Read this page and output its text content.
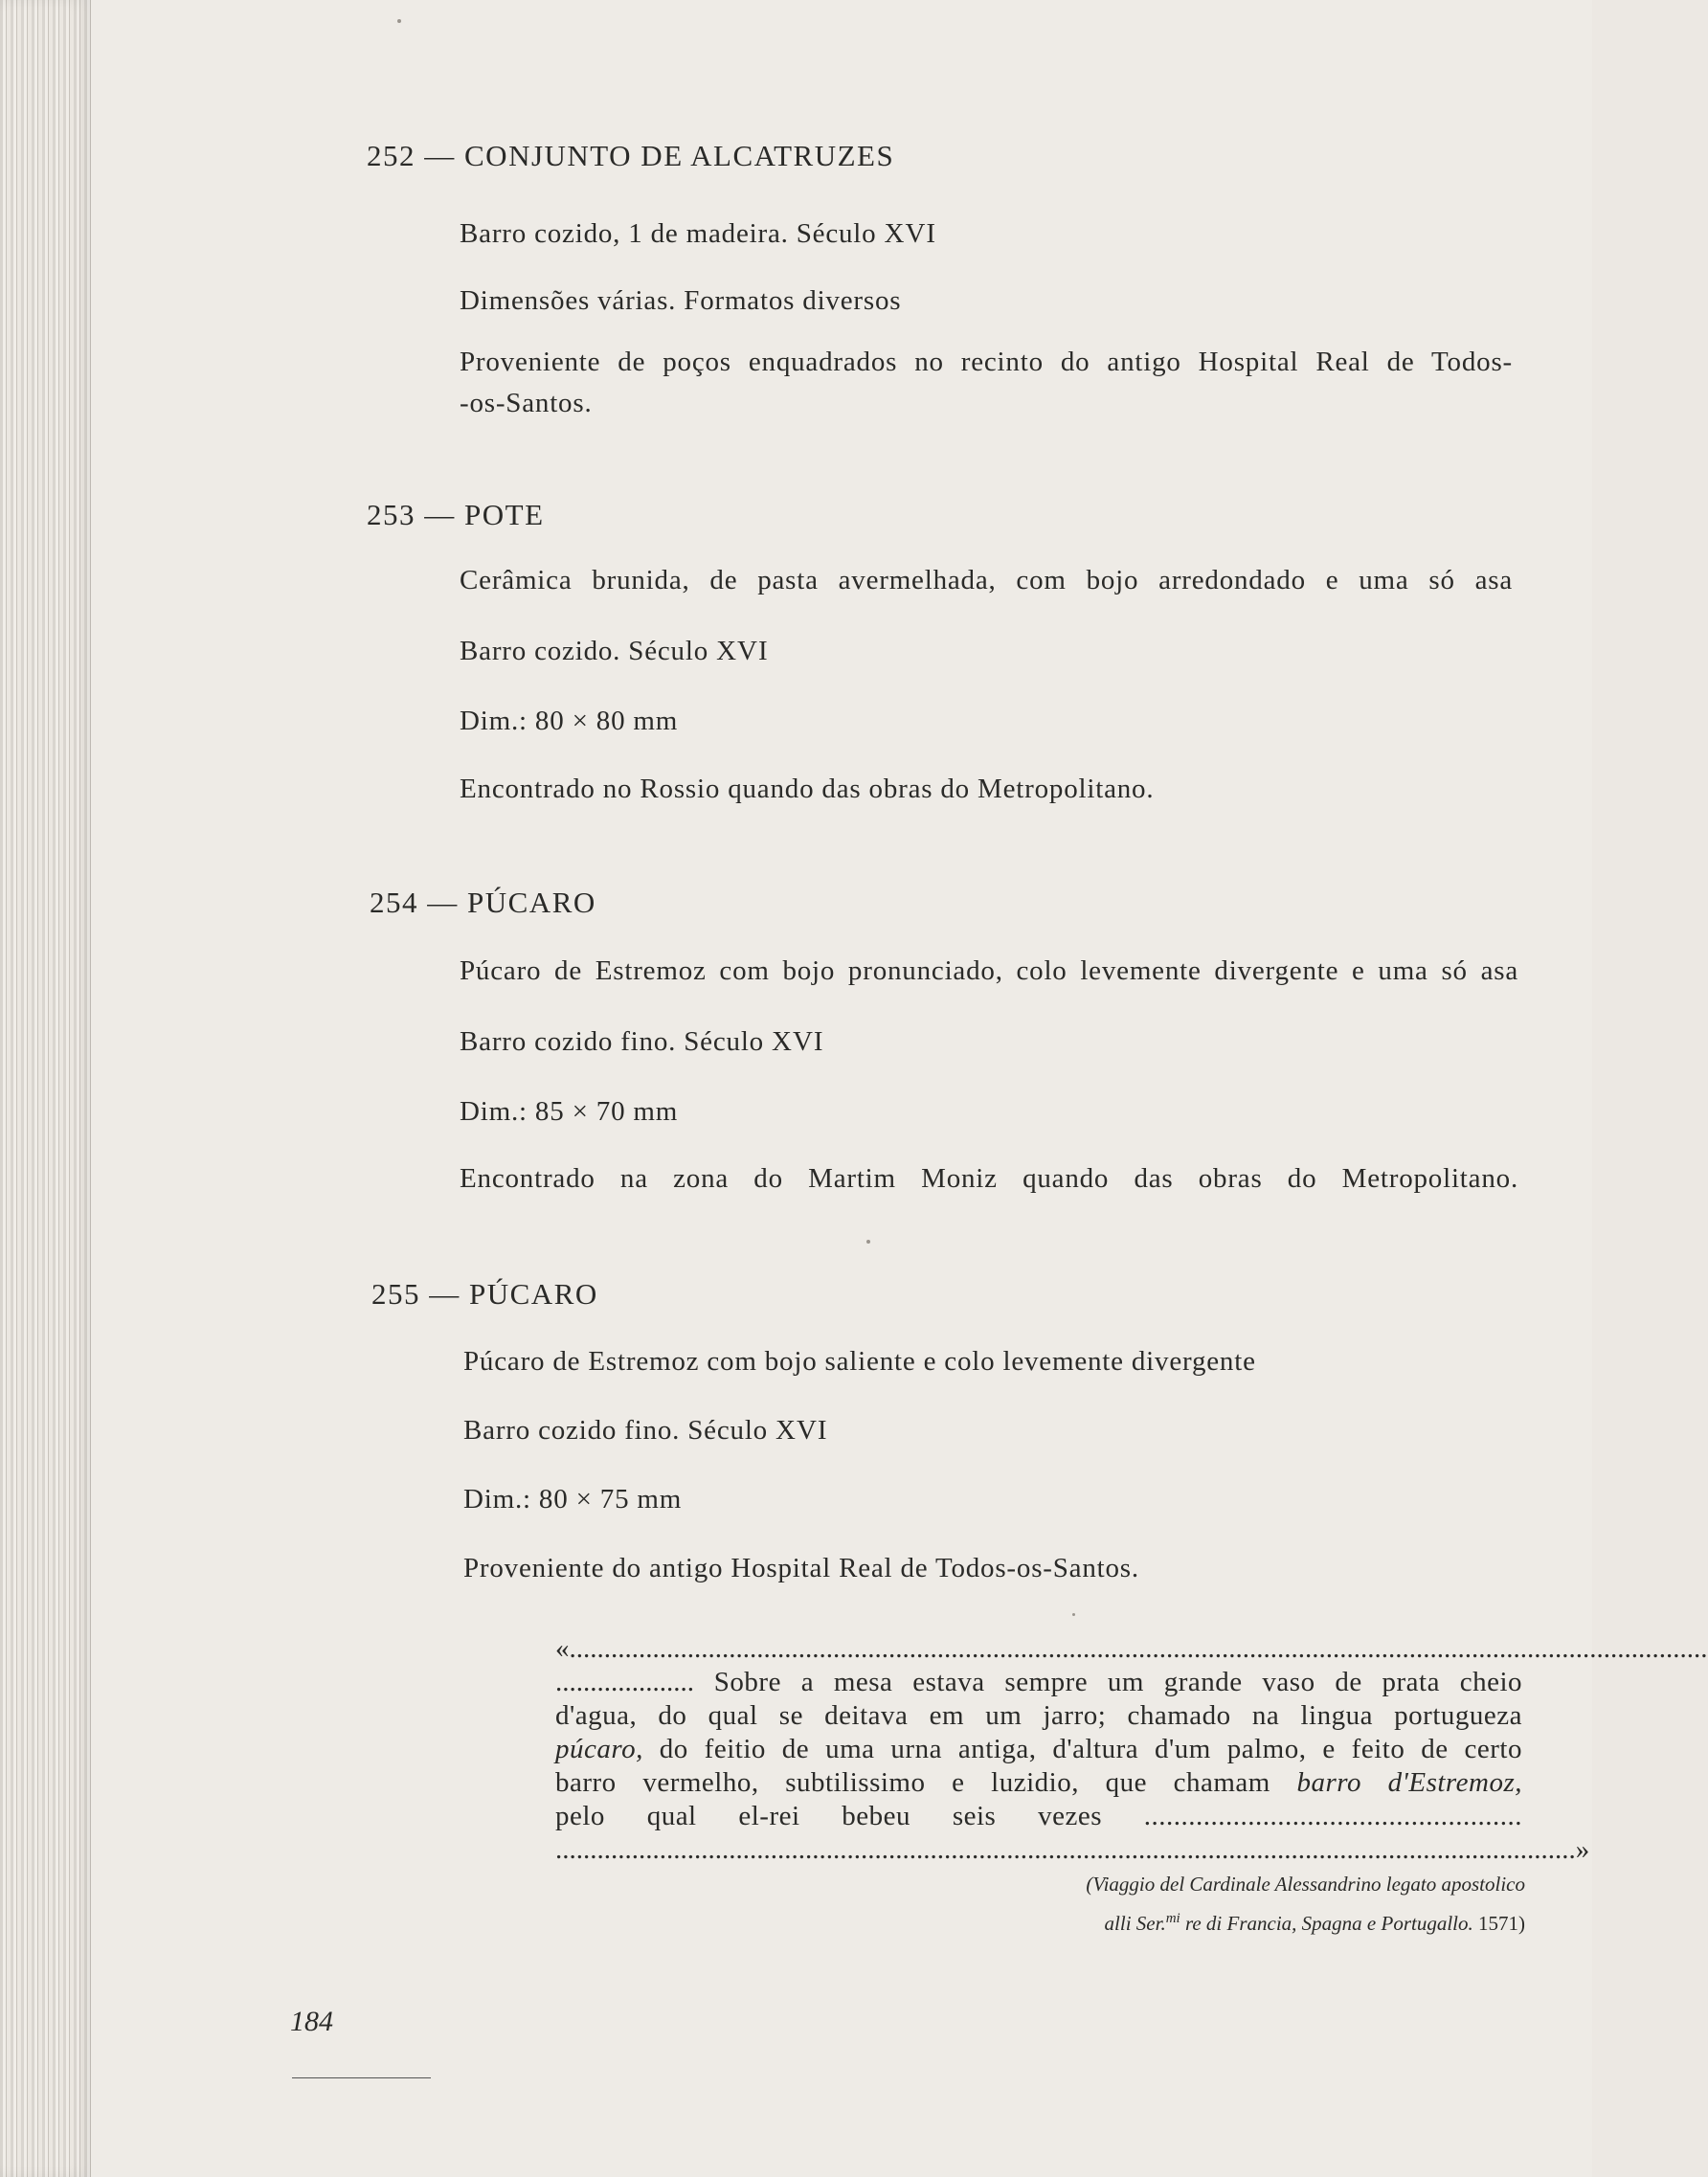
252 — CONJUNTO DE ALCATRUZES
Barro cozido, 1 de madeira. Século XVI
Dimensões várias. Formatos diversos
Proveniente de poços enquadrados no recinto do antigo Hospital Real de Todos-
-os-Santos.
253 — POTE
Cerâmica brunida, de pasta avermelhada, com bojo arredondado e uma só asa
Barro cozido. Século XVI
Dim.: 80 × 80 mm
Encontrado no Rossio quando das obras do Metropolitano.
254 — PÚCARO
Púcaro de Estremoz com bojo pronunciado, colo levemente divergente e uma só asa
Barro cozido fino. Século XVI
Dim.: 85 × 70 mm
Encontrado na zona do Martim Moniz quando das obras do Metropolitano.
255 — PÚCARO
Púcaro de Estremoz com bojo saliente e colo levemente divergente
Barro cozido fino. Século XVI
Dim.: 80 × 75 mm
Proveniente do antigo Hospital Real de Todos-os-Santos.

«....................................................................................................................................................................

.................... Sobre a mesa estava sempre um grande vaso de prata cheio

d'agua, do qual se deitava em um jarro; chamado na lingua portugueza

púcaro, do feitio de uma urna antiga, d'altura d'um palmo, e feito de certo

barro vermelho, subtilissimo e luzidio, que chamam barro d'Estremoz,

pelo qual el-rei bebeu seis vezes ...................................................

...................................................................................................................................................»

184
(Viaggio del Cardinale Alessandrino legato apostolico
alli Ser.$^{mi}$ re di Francia, Spagna e Portugallo. 1571)
